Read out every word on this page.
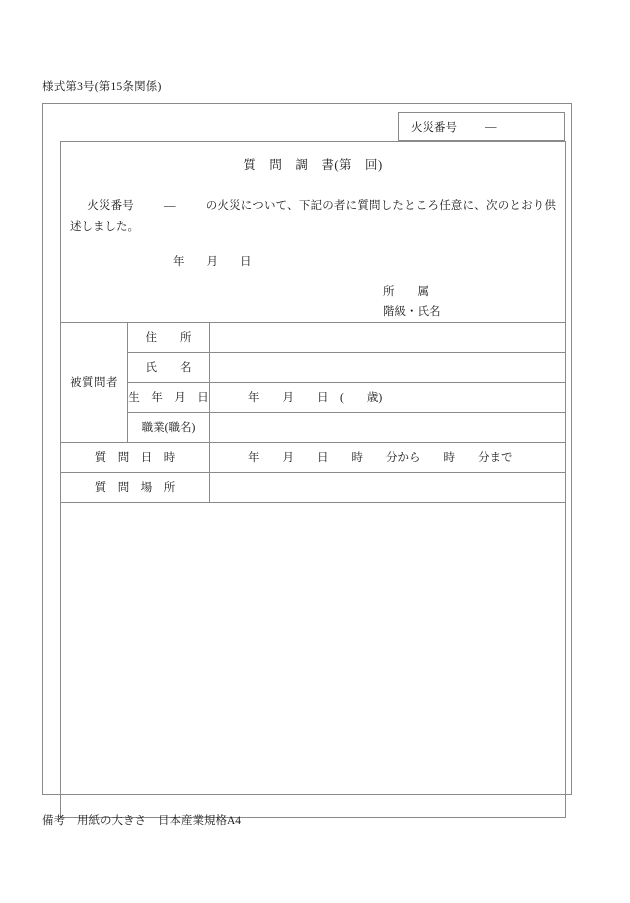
様式第3号(第15条関係)
火災番号 —
質　問　調　書(第　回)
火災番号 — の火災について、下記の者に質問したところ任意に、次のとおり供述しました。
年 月 日
所　　属
階級・氏名		

被質問者	住　　所	
	氏　　名	
	生　年　月　日	年　　月　　日　(　　歳)
	職業(職名)	
質　問　日　時		年　　月　　日　　時　　分から　　時　　分まで
質　問　場　所		

備考 用紙の大きさ 日本産業規格A4
